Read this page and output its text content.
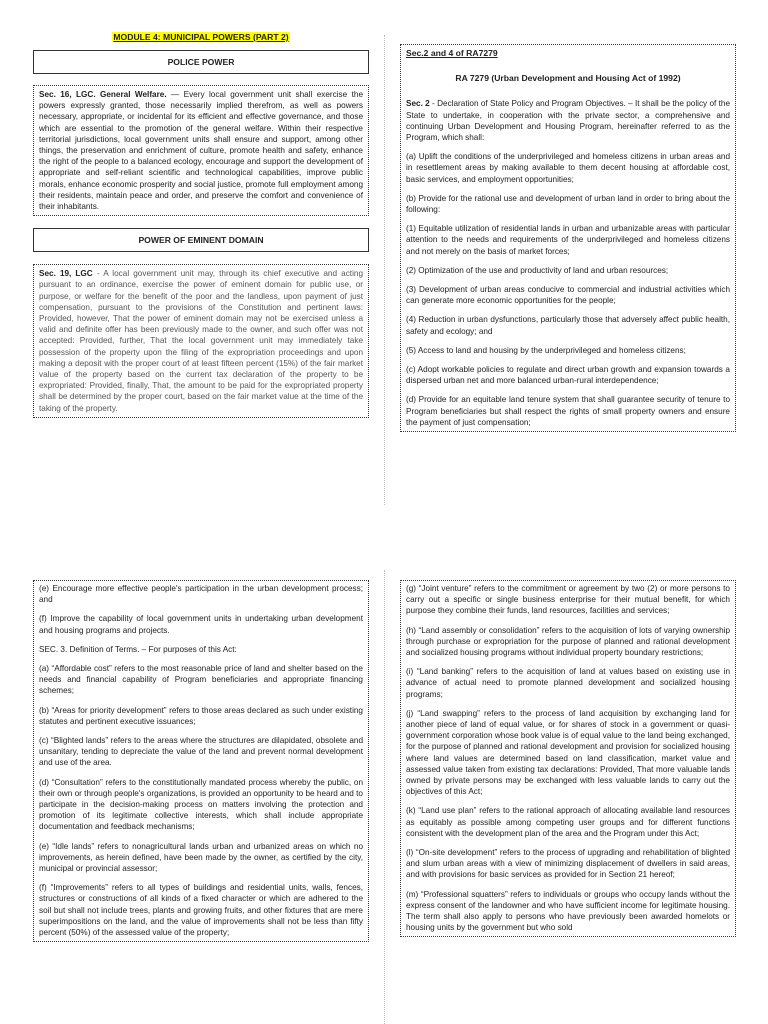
MODULE 4: MUNICIPAL POWERS (PART 2)
POLICE POWER

Sec. 16, LGC. General Welfare. — Every local government unit shall exercise the powers expressly granted, those necessarily implied therefrom, as well as powers necessary, appropriate, or incidental for its efficient and effective governance, and those which are essential to the promotion of the general welfare. Within their respective territorial jurisdictions, local government units shall ensure and support, among other things, the preservation and enrichment of culture, promote health and safety, enhance the right of the people to a balanced ecology, encourage and support the development of appropriate and self-reliant scientific and technological capabilities, improve public morals, enhance economic prosperity and social justice, promote full employment among their residents, maintain peace and order, and preserve the comfort and convenience of their inhabitants.

POWER OF EMINENT DOMAIN

Sec. 19, LGC - A local government unit may, through its chief executive and acting pursuant to an ordinance, exercise the power of eminent domain for public use, or purpose, or welfare for the benefit of the poor and the landless, upon payment of just compensation, pursuant to the provisions of the Constitution and pertinent laws: Provided, however, That the power of eminent domain may not be exercised unless a valid and definite offer has been previously made to the owner, and such offer was not accepted: Provided, further, That the local government unit may immediately take possession of the property upon the filing of the expropriation proceedings and upon making a deposit with the proper court of at least fifteen percent (15%) of the fair market value of the property based on the current tax declaration of the property to be expropriated: Provided, finally, That, the amount to be paid for the expropriated property shall be determined by the proper court, based on the fair market value at the time of the taking of the property.

Sec.2 and 4 of RA7279
RA 7279 (Urban Development and Housing Act of 1992)

Sec. 2 - Declaration of State Policy and Program Objectives. – It shall be the policy of the State to undertake, in cooperation with the private sector, a comprehensive and continuing Urban Development and Housing Program, hereinafter referred to as the Program, which shall:

(a) Uplift the conditions of the underprivileged and homeless citizens in urban areas and in resettlement areas by making available to them decent housing at affordable cost, basic services, and employment opportunities;

(b) Provide for the rational use and development of urban land in order to bring about the following:

(1) Equitable utilization of residential lands in urban and urbanizable areas with particular attention to the needs and requirements of the underprivileged and homeless citizens and not merely on the basis of market forces;

(2) Optimization of the use and productivity of land and urban resources;

(3) Development of urban areas conducive to commercial and industrial activities which can generate more economic opportunities for the people;

(4) Reduction in urban dysfunctions, particularly those that adversely affect public health, safety and ecology; and

(5) Access to land and housing by the underprivileged and homeless citizens;

(c) Adopt workable policies to regulate and direct urban growth and expansion towards a dispersed urban net and more balanced urban-rural interdependence;

(d) Provide for an equitable land tenure system that shall guarantee security of tenure to Program beneficiaries but shall respect the rights of small property owners and ensure the payment of just compensation;

(e) Encourage more effective people's participation in the urban development process; and

(f) Improve the capability of local government units in undertaking urban development and housing programs and projects.

SEC. 3. Definition of Terms. – For purposes of this Act:

(a) “Affordable cost” refers to the most reasonable price of land and shelter based on the needs and financial capability of Program beneficiaries and appropriate financing schemes;

(b) “Areas for priority development” refers to those areas declared as such under existing statutes and pertinent executive issuances;

(c) “Blighted lands” refers to the areas where the structures are dilapidated, obsolete and unsanitary, tending to depreciate the value of the land and prevent normal development and use of the area.

(d) “Consultation” refers to the constitutionally mandated process whereby the public, on their own or through people's organizations, is provided an opportunity to be heard and to participate in the decision-making process on matters involving the protection and promotion of its legitimate collective interests, which shall include appropriate documentation and feedback mechanisms;

(e) “Idle lands” refers to nonagricultural lands urban and urbanized areas on which no improvements, as herein defined, have been made by the owner, as certified by the city, municipal or provincial assessor;

(f) “Improvements” refers to all types of buildings and residential units, walls, fences, structures or constructions of all kinds of a fixed character or which are adhered to the soil but shall not include trees, plants and growing fruits, and other fixtures that are mere superimpositions on the land, and the value of improvements shall not be less than fifty percent (50%) of the assessed value of the property;

(g) “Joint venture” refers to the commitment or agreement by two (2) or more persons to carry out a specific or single business enterprise for their mutual benefit, for which purpose they combine their funds, land resources, facilities and services;

(h) “Land assembly or consolidation” refers to the acquisition of lots of varying ownership through purchase or expropriation for the purpose of planned and rational development and socialized housing programs without individual property boundary restrictions;

(i) “Land banking” refers to the acquisition of land at values based on existing use in advance of actual need to promote planned development and socialized housing programs;

(j) “Land swapping” refers to the process of land acquisition by exchanging land for another piece of land of equal value, or for shares of stock in a government or quasi-government corporation whose book value is of equal value to the land being exchanged, for the purpose of planned and rational development and provision for socialized housing where land values are determined based on land classification, market value and assessed value taken from existing tax declarations: Provided, That more valuable lands owned by private persons may be exchanged with less valuable lands to carry out the objectives of this Act;

(k) “Land use plan” refers to the rational approach of allocating available land resources as equitably as possible among competing user groups and for different functions consistent with the development plan of the area and the Program under this Act;

(l) “On-site development” refers to the process of upgrading and rehabilitation of blighted and slum urban areas with a view of minimizing displacement of dwellers in said areas, and with provisions for basic services as provided for in Section 21 hereof;

(m) “Professional squatters” refers to individuals or groups who occupy lands without the express consent of the landowner and who have sufficient income for legitimate housing. The term shall also apply to persons who have previously been awarded homelots or housing units by the government but who sold
